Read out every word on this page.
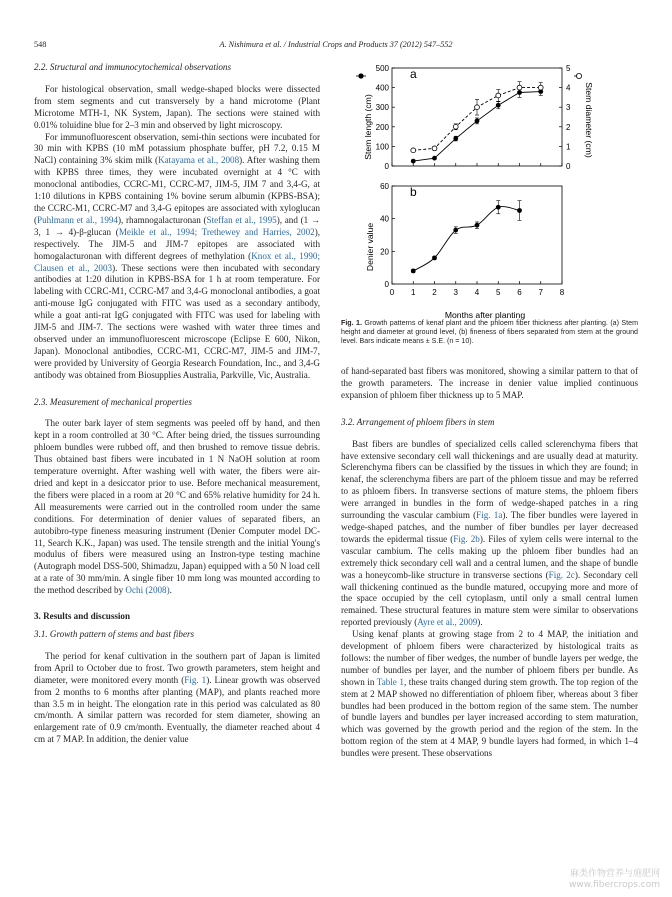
548	A. Nishimura et al. / Industrial Crops and Products 37 (2012) 547–552

2.2. Structural and immunocytochemical observations

For histological observation, small wedge-shaped blocks were dissected from stem segments and cut transversely by a hand microtome (Plant Microtome MTH-1, NK System, Japan). The sections were stained with 0.01% toluidine blue for 2–3 min and observed by light microscopy.

For immunofluorescent observation, semi-thin sections were incubated for 30 min with KPBS (10 mM potassium phosphate buffer, pH 7.2, 0.15 M NaCl) containing 3% skim milk (Katayama et al., 2008). After washing them with KPBS three times, they were incubated overnight at 4 °C with monoclonal antibodies, CCRC-M1, CCRC-M7, JIM-5, JIM 7 and 3,4-G, at 1:10 dilutions in KPBS containing 1% bovine serum albumin (KPBS-BSA); the CCRC-M1, CCRC-M7 and 3,4-G epitopes are associated with xyloglucan (Puhlmann et al., 1994), rhamnogalacturonan (Steffan et al., 1995), and (1 → 3, 1 → 4)-β-glucan (Meikle et al., 1994; Trethewey and Harries, 2002), respectively. The JIM-5 and JIM-7 epitopes are associated with homogalacturonan with different degrees of methylation (Knox et al., 1990; Clausen et al., 2003). These sections were then incubated with secondary antibodies at 1:20 dilution in KPBS-BSA for 1 h at room temperature. For labeling with CCRC-M1, CCRC-M7 and 3,4-G monoclonal antibodies, a goat anti-mouse IgG conjugated with FITC was used as a secondary antibody, while a goat anti-rat IgG conjugated with FITC was used for labeling with JIM-5 and JIM-7. The sections were washed with water three times and observed under an immunofluorescent microscope (Eclipse E 600, Nikon, Japan). Monoclonal antibodies, CCRC-M1, CCRC-M7, JIM-5 and JIM-7, were provided by University of Georgia Research Foundation, Inc., and 3,4-G antibody was obtained from Biosupplies Australia, Parkville, Vic, Australia.

2.3. Measurement of mechanical properties

The outer bark layer of stem segments was peeled off by hand, and then kept in a room controlled at 30 °C. After being dried, the tissues surrounding phloem bundles were rubbed off, and then brushed to remove tissue debris. Thus obtained bast fibers were incubated in 1 N NaOH solution at room temperature overnight. After washing well with water, the fibers were air-dried and kept in a desiccator prior to use. Before mechanical measurement, the fibers were placed in a room at 20 °C and 65% relative humidity for 24 h. All measurements were carried out in the controlled room under the same conditions. For determination of denier values of separated fibers, an autobibro-type fineness measuring instrument (Denier Computer model DC-11, Search K.K., Japan) was used. The tensile strength and the initial Young's modulus of fibers were measured using an Instron-type testing machine (Autograph model DSS-500, Shimadzu, Japan) equipped with a 50 N load cell at a rate of 30 mm/min. A single fiber 10 mm long was mounted according to the method described by Ochi (2008).

3. Results and discussion

3.1. Growth pattern of stems and bast fibers

The period for kenaf cultivation in the southern part of Japan is limited from April to October due to frost. Two growth parameters, stem height and diameter, were monitored every month (Fig. 1). Linear growth was observed from 2 months to 6 months after planting (MAP), and plants reached more than 3.5 m in height. The elongation rate in this period was calculated as 80 cm/month. A similar pattern was recorded for stem diameter, showing an enlargement rate of 0.9 cm/month. Eventually, the diameter reached about 4 cm at 7 MAP. In addition, the denier value

0
100
200
300
400
500
0
1
2
3
4
5
0
20
40
60
0 1 2 3 4 5 6 7 8
a
b
Stem length (cm)	Stem diameter (cm)
Denier value
Months after planting
Fig. 1. Growth patterns of kenaf plant and the phloem fiber thickness after planting. (a) Stem height and diameter at ground level, (b) fineness of fibers separated from stem at the ground level. Bars indicate means ± S.E. (n = 10).

of hand-separated bast fibers was monitored, showing a similar pattern to that of the growth parameters. The increase in denier value implied continuous expansion of phloem fiber thickness up to 5 MAP.

3.2. Arrangement of phloem fibers in stem

Bast fibers are bundles of specialized cells called sclerenchyma fibers that have extensive secondary cell wall thickenings and are usually dead at maturity. Sclerenchyma fibers can be classified by the tissues in which they are found; in kenaf, the sclerenchyma fibers are part of the phloem tissue and may be referred to as phloem fibers. In transverse sections of mature stems, the phloem fibers were arranged in bundles in the form of wedge-shaped patches in a ring surrounding the vascular cambium (Fig. 1a). The fiber bundles were layered in wedge-shaped patches, and the number of fiber bundles per layer decreased towards the epidermal tissue (Fig. 2b). Files of xylem cells were internal to the vascular cambium. The cells making up the phloem fiber bundles had an extremely thick secondary cell wall and a central lumen, and the shape of bundle was a honeycomb-like structure in transverse sections (Fig. 2c). Secondary cell wall thickening continued as the bundle matured, occupying more and more of the space occupied by the cell cytoplasm, until only a small central lumen remained. These structural features in mature stem were similar to observations reported previously (Ayre et al., 2009).

Using kenaf plants at growing stage from 2 to 4 MAP, the initiation and development of phloem fibers were characterized by histological traits as follows: the number of fiber wedges, the number of bundle layers per wedge, the number of bundles per layer, and the number of phloem fibers per bundle. As shown in Table 1, these traits changed during stem growth. The top region of the stem at 2 MAP showed no differentiation of phloem fiber, whereas about 3 fiber bundles had been produced in the bottom region of the same stem. The number of bundle layers and bundles per layer increased according to stem maturation, which was governed by the growth period and the region of the stem. In the bottom region of the stem at 4 MAP, 9 bundle layers had formed, in which 1–4 bundles were present. These observations

麻类作物营养与施肥网
www.fibercrops.com
